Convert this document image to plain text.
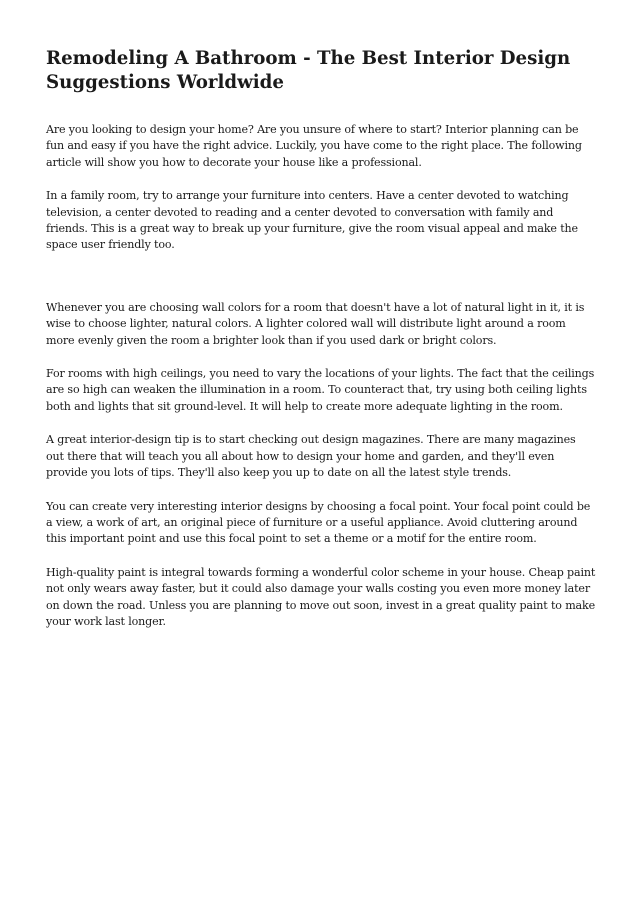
Remodeling A Bathroom - The Best Interior Design Suggestions Worldwide

Are you looking to design your home? Are you unsure of where to start? Interior planning can be fun and easy if you have the right advice. Luckily, you have come to the right place. The following article will show you how to decorate your house like a professional.

In a family room, try to arrange your furniture into centers. Have a center devoted to watching television, a center devoted to reading and a center devoted to conversation with family and friends. This is a great way to break up your furniture, give the room visual appeal and make the space user friendly too.

Whenever you are choosing wall colors for a room that doesn't have a lot of natural light in it, it is wise to choose lighter, natural colors. A lighter colored wall will distribute light around a room more evenly given the room a brighter look than if you used dark or bright colors.

For rooms with high ceilings, you need to vary the locations of your lights. The fact that the ceilings are so high can weaken the illumination in a room. To counteract that, try using both ceiling lights both and lights that sit ground-level. It will help to create more adequate lighting in the room.

A great interior-design tip is to start checking out design magazines. There are many magazines out there that will teach you all about how to design your home and garden, and they'll even provide you lots of tips. They'll also keep you up to date on all the latest style trends.

You can create very interesting interior designs by choosing a focal point. Your focal point could be a view, a work of art, an original piece of furniture or a useful appliance. Avoid cluttering around this important point and use this focal point to set a theme or a motif for the entire room.

High-quality paint is integral towards forming a wonderful color scheme in your house. Cheap paint not only wears away faster, but it could also damage your walls costing you even more money later on down the road. Unless you are planning to move out soon, invest in a great quality paint to make your work last longer.
